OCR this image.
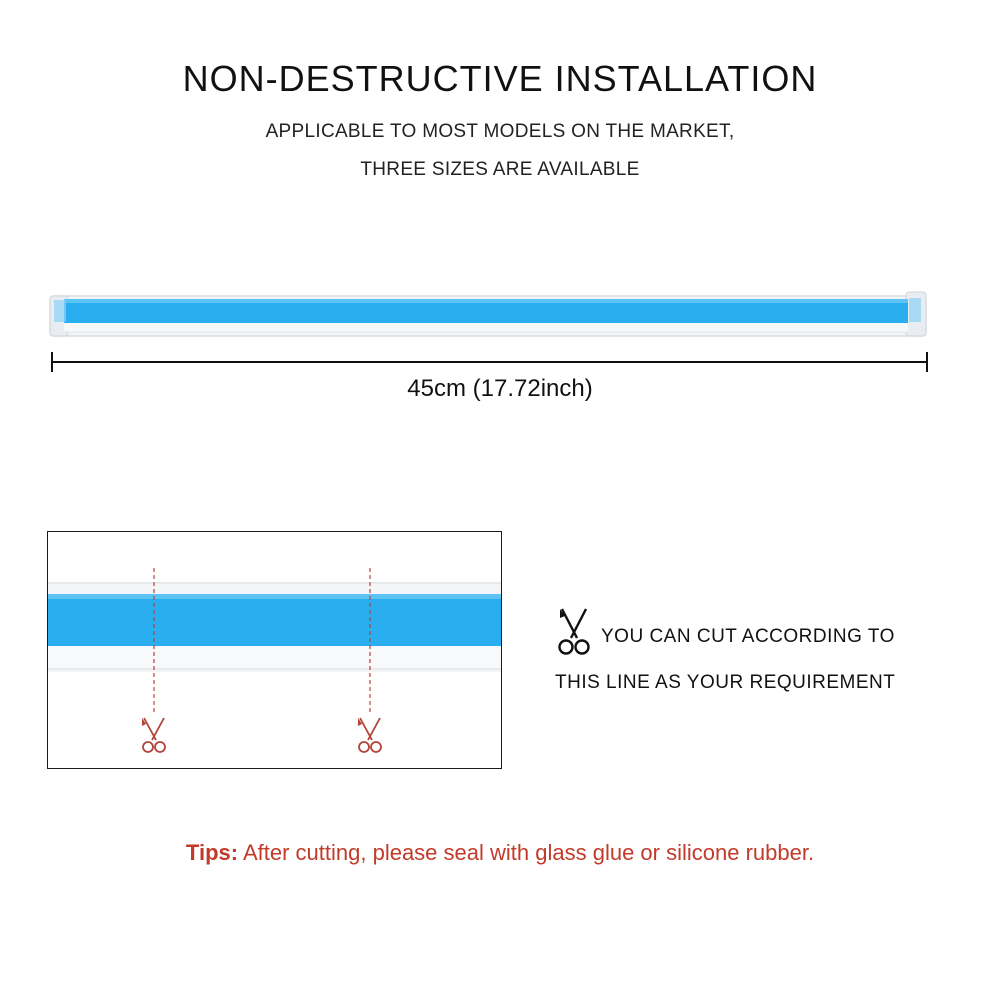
NON-DESTRUCTIVE INSTALLATION
APPLICABLE TO MOST MODELS ON THE MARKET,
THREE SIZES ARE AVAILABLE
45cm (17.72inch)
YOU CAN CUT ACCORDING TO
THIS LINE AS YOUR REQUIREMENT
Tips: After cutting, please seal with glass glue or silicone rubber.
